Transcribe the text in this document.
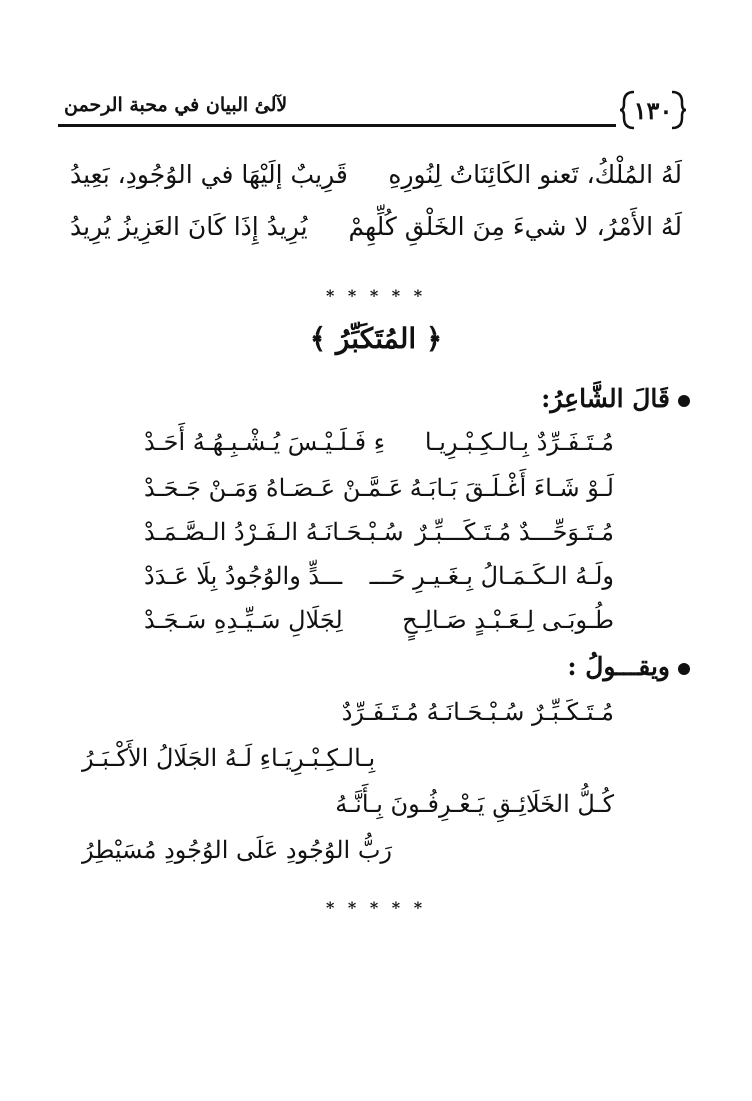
لآلئ البيان في محبة الرحمن	١٣٠
لَهُ المُلْكُ، تَعنو الكَائِنَاتُ لِنُورِهِ
قَرِيبٌ إلَيْهَا في الوُجُودِ، بَعِيدُ
لَهُ الأَمْرُ، لا شيءَ مِنَ الخَلْقِ كُلِّهِمْ
يُرِيدُ إِذَا كَانَ العَزِيزُ يُرِيدُ
* * * * *
﴿ المُتَكَبِّرُ ﴾
قَالَ الشَّاعِرُ:
مُـتَـفَـرِّدٌ بِـالـكِـبْـرِيـا
ءِ فَـلَـيْـسَ يُـشْـبِـهُـهُ أَحَـدْ
لَـوْ شَـاءَ أَغْـلَـقَ بَـابَـهُ
عَـمَّـنْ عَـصَـاهُ وَمَـنْ جَـحَـدْ
مُـتَـوَحِّـــدٌ مُـتَـكَـــبِّـرٌ
سُـبْـحَـانَـهُ الـفَـرْدُ الـصَّـمَـدْ
ولَـهُ الـكَـمَـالُ بِـغَـيـرِ حَـــ
ـــدٍّ والوُجُودُ بِلَا عَـدَدْ
طُـوبَـى لِـعَـبْـدٍ صَـالِـحٍ
لِجَلَالِ سَـيِّـدِهِ سَـجَـدْ
ويقـــولُ :
مُـتَـكَـبِّـرٌ سُـبْـحَـانَـهُ مُـتَـفَـرِّدٌ
بِـالـكِـبْـرِيَـاءِ لَـهُ الجَلَالُ الأَكْـبَـرُ
كُـلُّ الخَلَائِـقِ يَـعْـرِفُـونَ بِـأَنَّـهُ
رَبُّ الوُجُودِ عَلَى الوُجُودِ مُسَيْطِرُ
* * * * *
